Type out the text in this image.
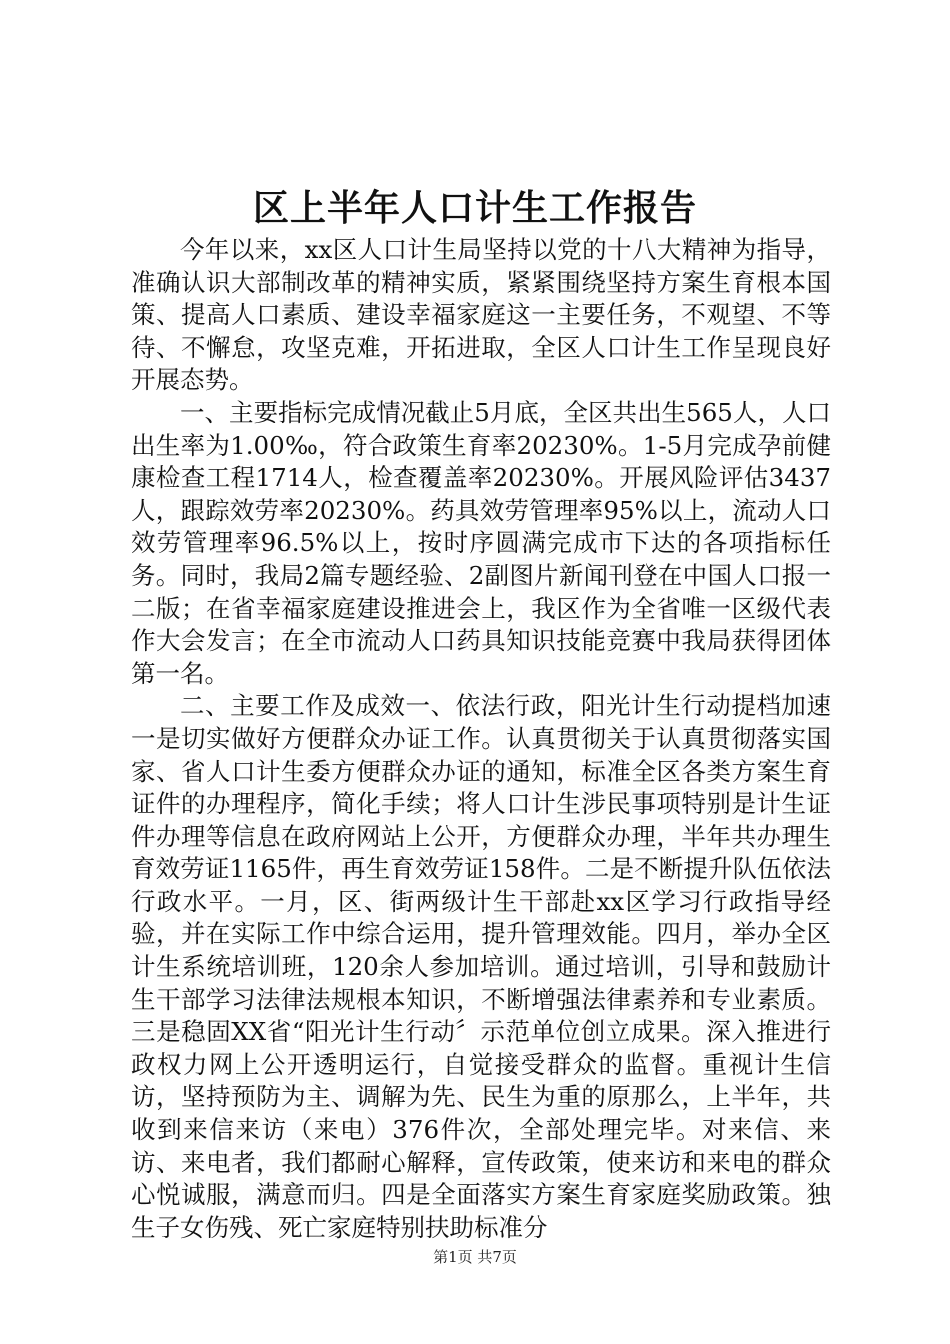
区上半年人口计生工作报告

今年以来，xx区人口计生局坚持以党的十八大精神为指导，准确认识大部制改革的精神实质，紧紧围绕坚持方案生育根本国策、提高人口素质、建设幸福家庭这一主要任务，不观望、不等待、不懈怠，攻坚克难，开拓进取，全区人口计生工作呈现良好开展态势。

一、主要指标完成情况截止5月底，全区共出生565人，人口出生率为1.00‰，符合政策生育率20230%。1-5月完成孕前健康检查工程1714人，检查覆盖率20230%。开展风险评估3437人，跟踪效劳率20230%。药具效劳管理率95%以上，流动人口效劳管理率96.5%以上，按时序圆满完成市下达的各项指标任务。同时，我局2篇专题经验、2副图片新闻刊登在中国人口报一二版；在省幸福家庭建设推进会上，我区作为全省唯一区级代表作大会发言；在全市流动人口药具知识技能竞赛中我局获得团体第一名。

二、主要工作及成效一、依法行政，阳光计生行动提档加速一是切实做好方便群众办证工作。认真贯彻关于认真贯彻落实国家、省人口计生委方便群众办证的通知，标准全区各类方案生育证件的办理程序，简化手续；将人口计生涉民事项特别是计生证件办理等信息在政府网站上公开，方便群众办理，半年共办理生育效劳证1165件，再生育效劳证158件。二是不断提升队伍依法行政水平。一月，区、街两级计生干部赴xx区学习行政指导经验，并在实际工作中综合运用，提升管理效能。四月，举办全区计生系统培训班，120余人参加培训。通过培训，引导和鼓励计生干部学习法律法规根本知识，不断增强法律素养和专业素质。三是稳固XX省“阳光计生行动〞示范单位创立成果。深入推进行政权力网上公开透明运行，自觉接受群众的监督。重视计生信访，坚持预防为主、调解为先、民生为重的原那么，上半年，共收到来信来访（来电）376件次，全部处理完毕。对来信、来访、来电者，我们都耐心解释，宣传政策，使来访和来电的群众心悦诚服，满意而归。四是全面落实方案生育家庭奖励政策。独生子女伤残、死亡家庭特别扶助标准分

第1页 共7页
